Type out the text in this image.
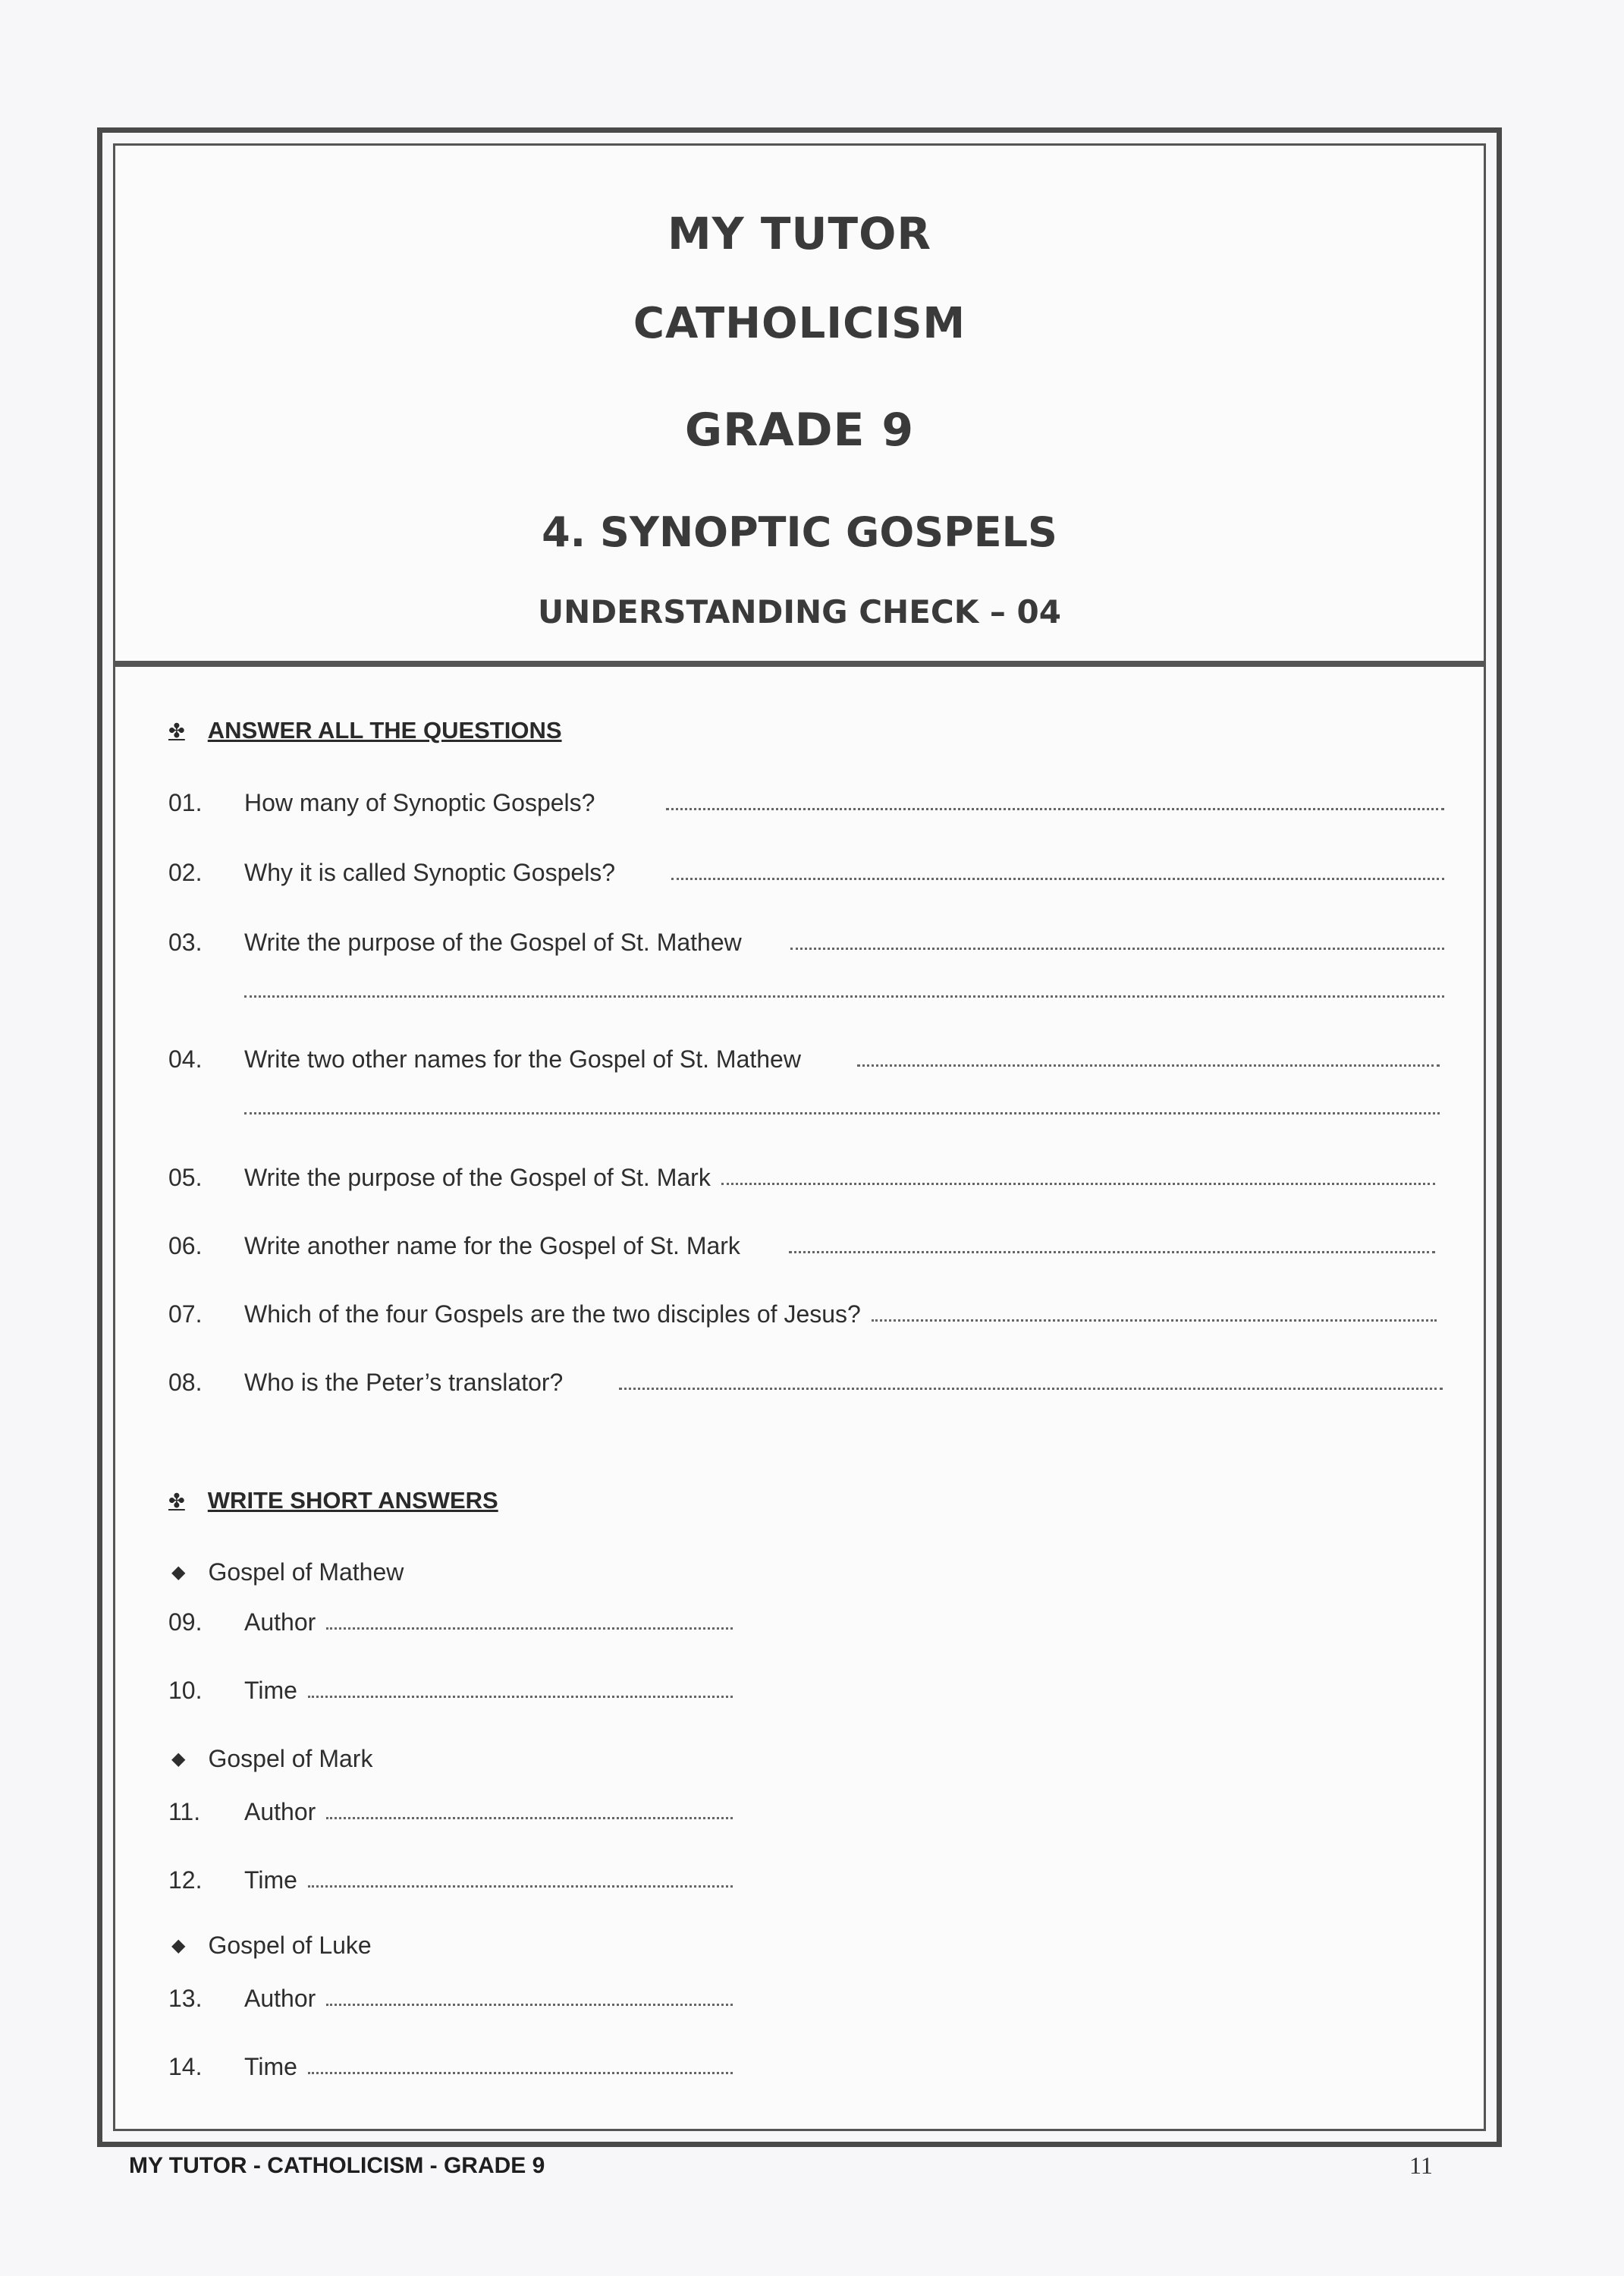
MY TUTOR

CATHOLICISM

GRADE 9

4. SYNOPTIC GOSPELS

UNDERSTANDING CHECK – 04

✤ ANSWER ALL THE QUESTIONS
01.	How many of Synoptic Gospels?
02.	Why it is called Synoptic Gospels?
03.	Write the purpose of the Gospel of St. Mathew
04.	Write two other names for the Gospel of St. Mathew
05.	Write the purpose of the Gospel of St. Mark
06.	Write another name for the Gospel of St. Mark
07.	Which of the four Gospels are the two disciples of Jesus?
08.	Who is the Peter’s translator?
✤ WRITE SHORT ANSWERS
◆ Gospel of Mathew
09.	Author
10.	Time
◆ Gospel of Mark
11.	Author
12.	Time
◆ Gospel of Luke
13.	Author
14.	Time
MY TUTOR - CATHOLICISM - GRADE 9	11
